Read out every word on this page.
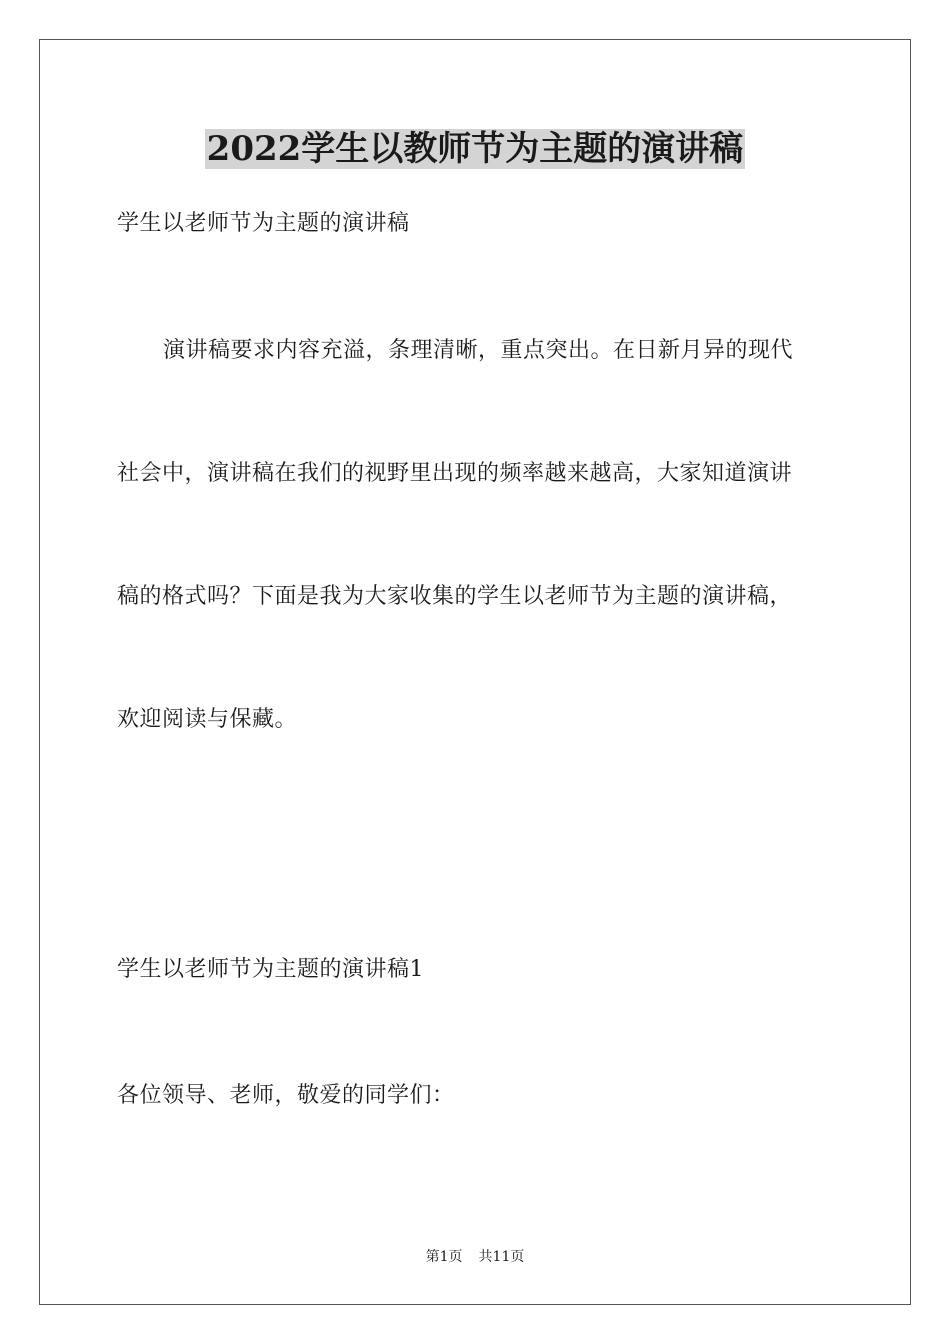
2022学生以教师节为主题的演讲稿
学生以老师节为主题的演讲稿
演讲稿要求内容充溢，条理清晰，重点突出。在日新月异的现代
社会中，演讲稿在我们的视野里出现的频率越来越高，大家知道演讲
稿的格式吗？下面是我为大家收集的学生以老师节为主题的演讲稿，
欢迎阅读与保藏。
学生以老师节为主题的演讲稿1
各位领导、老师，敬爱的同学们：
第1页 共11页
